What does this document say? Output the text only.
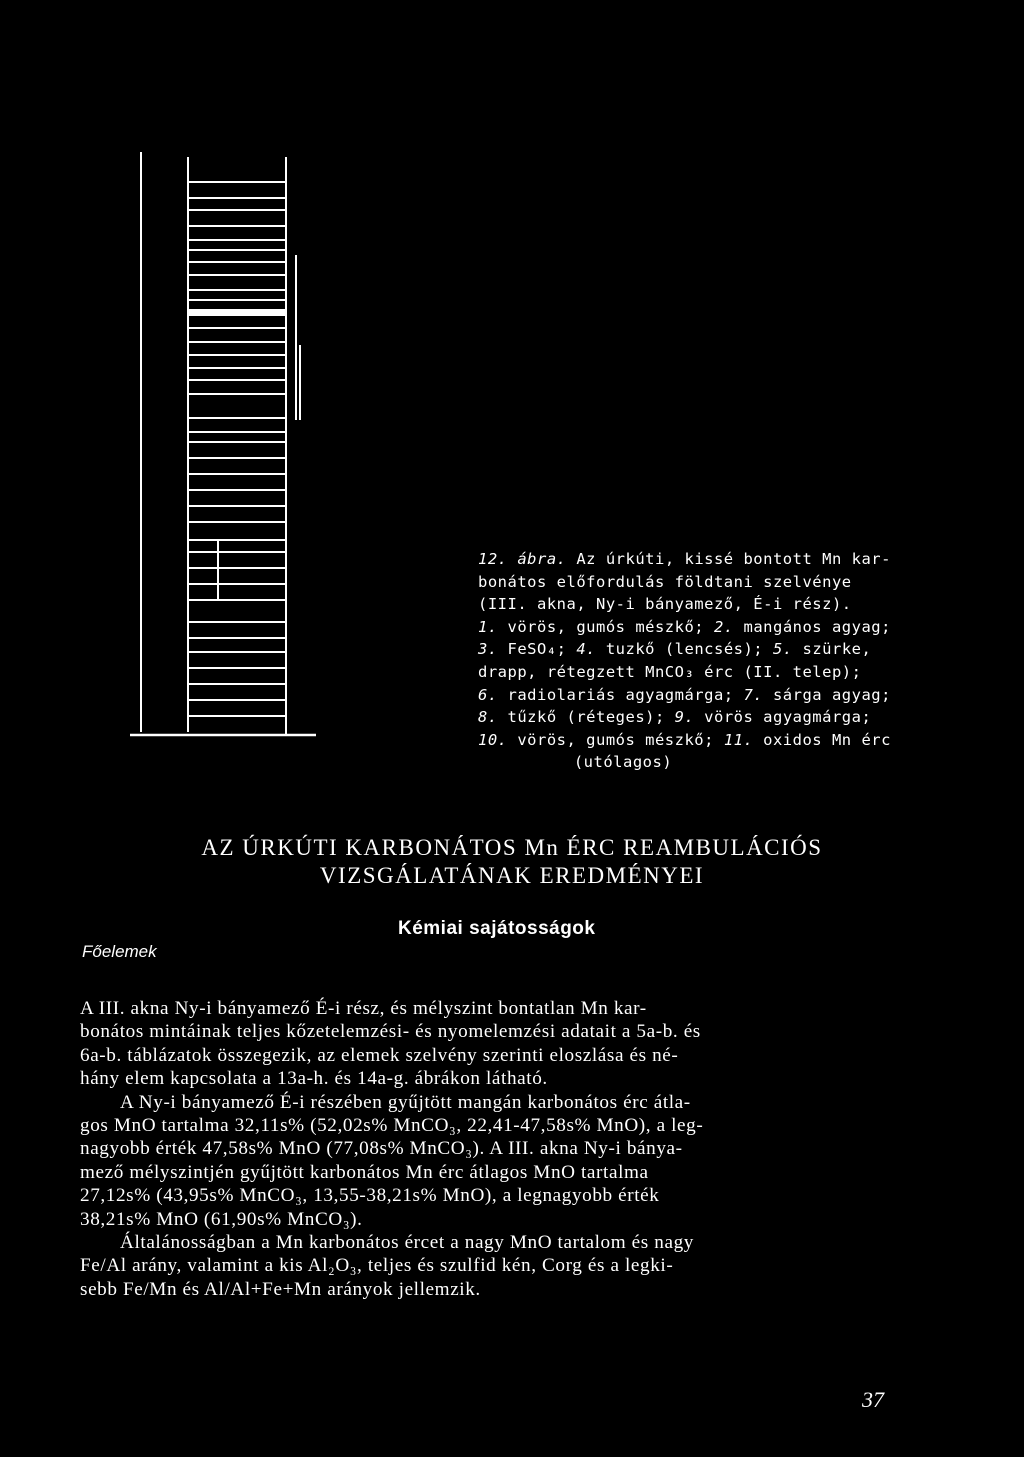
12. ábra. Az úrkúti, kissé bontott Mn kar-
bonátos előfordulás földtani szelvénye
(III. akna, Ny-i bányamező, É-i rész).
1. vörös, gumós mészkő; 2. mangános agyag;
3. FeSO₄; 4. tuzkő (lencsés); 5. szürke,
drapp, rétegzett MnCO₃ érc (II. telep);
6. radiolariás agyagmárga; 7. sárga agyag;
8. tűzkő (réteges); 9. vörös agyagmárga;
10. vörös, gumós mészkő; 11. oxidos Mn érc
(utólagos)
AZ ÚRKÚTI KARBONÁTOS Mn ÉRC REAMBULÁCIÓS
VIZSGÁLATÁNAK EREDMÉNYEI
Kémiai sajátosságok
Főelemek
A III. akna Ny-i bányamező É-i rész, és mélyszint bontatlan Mn kar-
bonátos mintáinak teljes kőzetelemzési- és nyomelemzési adatait a 5a-b. és
6a-b. táblázatok összegezik, az elemek szelvény szerinti eloszlása és né-
hány elem kapcsolata a 13a-h. és 14a-g. ábrákon látható.
A Ny-i bányamező É-i részében gyűjtött mangán karbonátos érc átla-
gos MnO tartalma 32,11s% (52,02s% MnCO₃, 22,41-47,58s% MnO), a leg-
nagyobb érték 47,58s% MnO (77,08s% MnCO₃). A III. akna Ny-i bánya-
mező mélyszintjén gyűjtött karbonátos Mn érc átlagos MnO tartalma
27,12s% (43,95s% MnCO₃, 13,55-38,21s% MnO), a legnagyobb érték
38,21s% MnO (61,90s% MnCO₃).
Általánosságban a Mn karbonátos ércet a nagy MnO tartalom és nagy
Fe/Al arány, valamint a kis Al₂O₃, teljes és szulfid kén, Corg és a legki-
sebb Fe/Mn és Al/Al+Fe+Mn arányok jellemzik.
37
